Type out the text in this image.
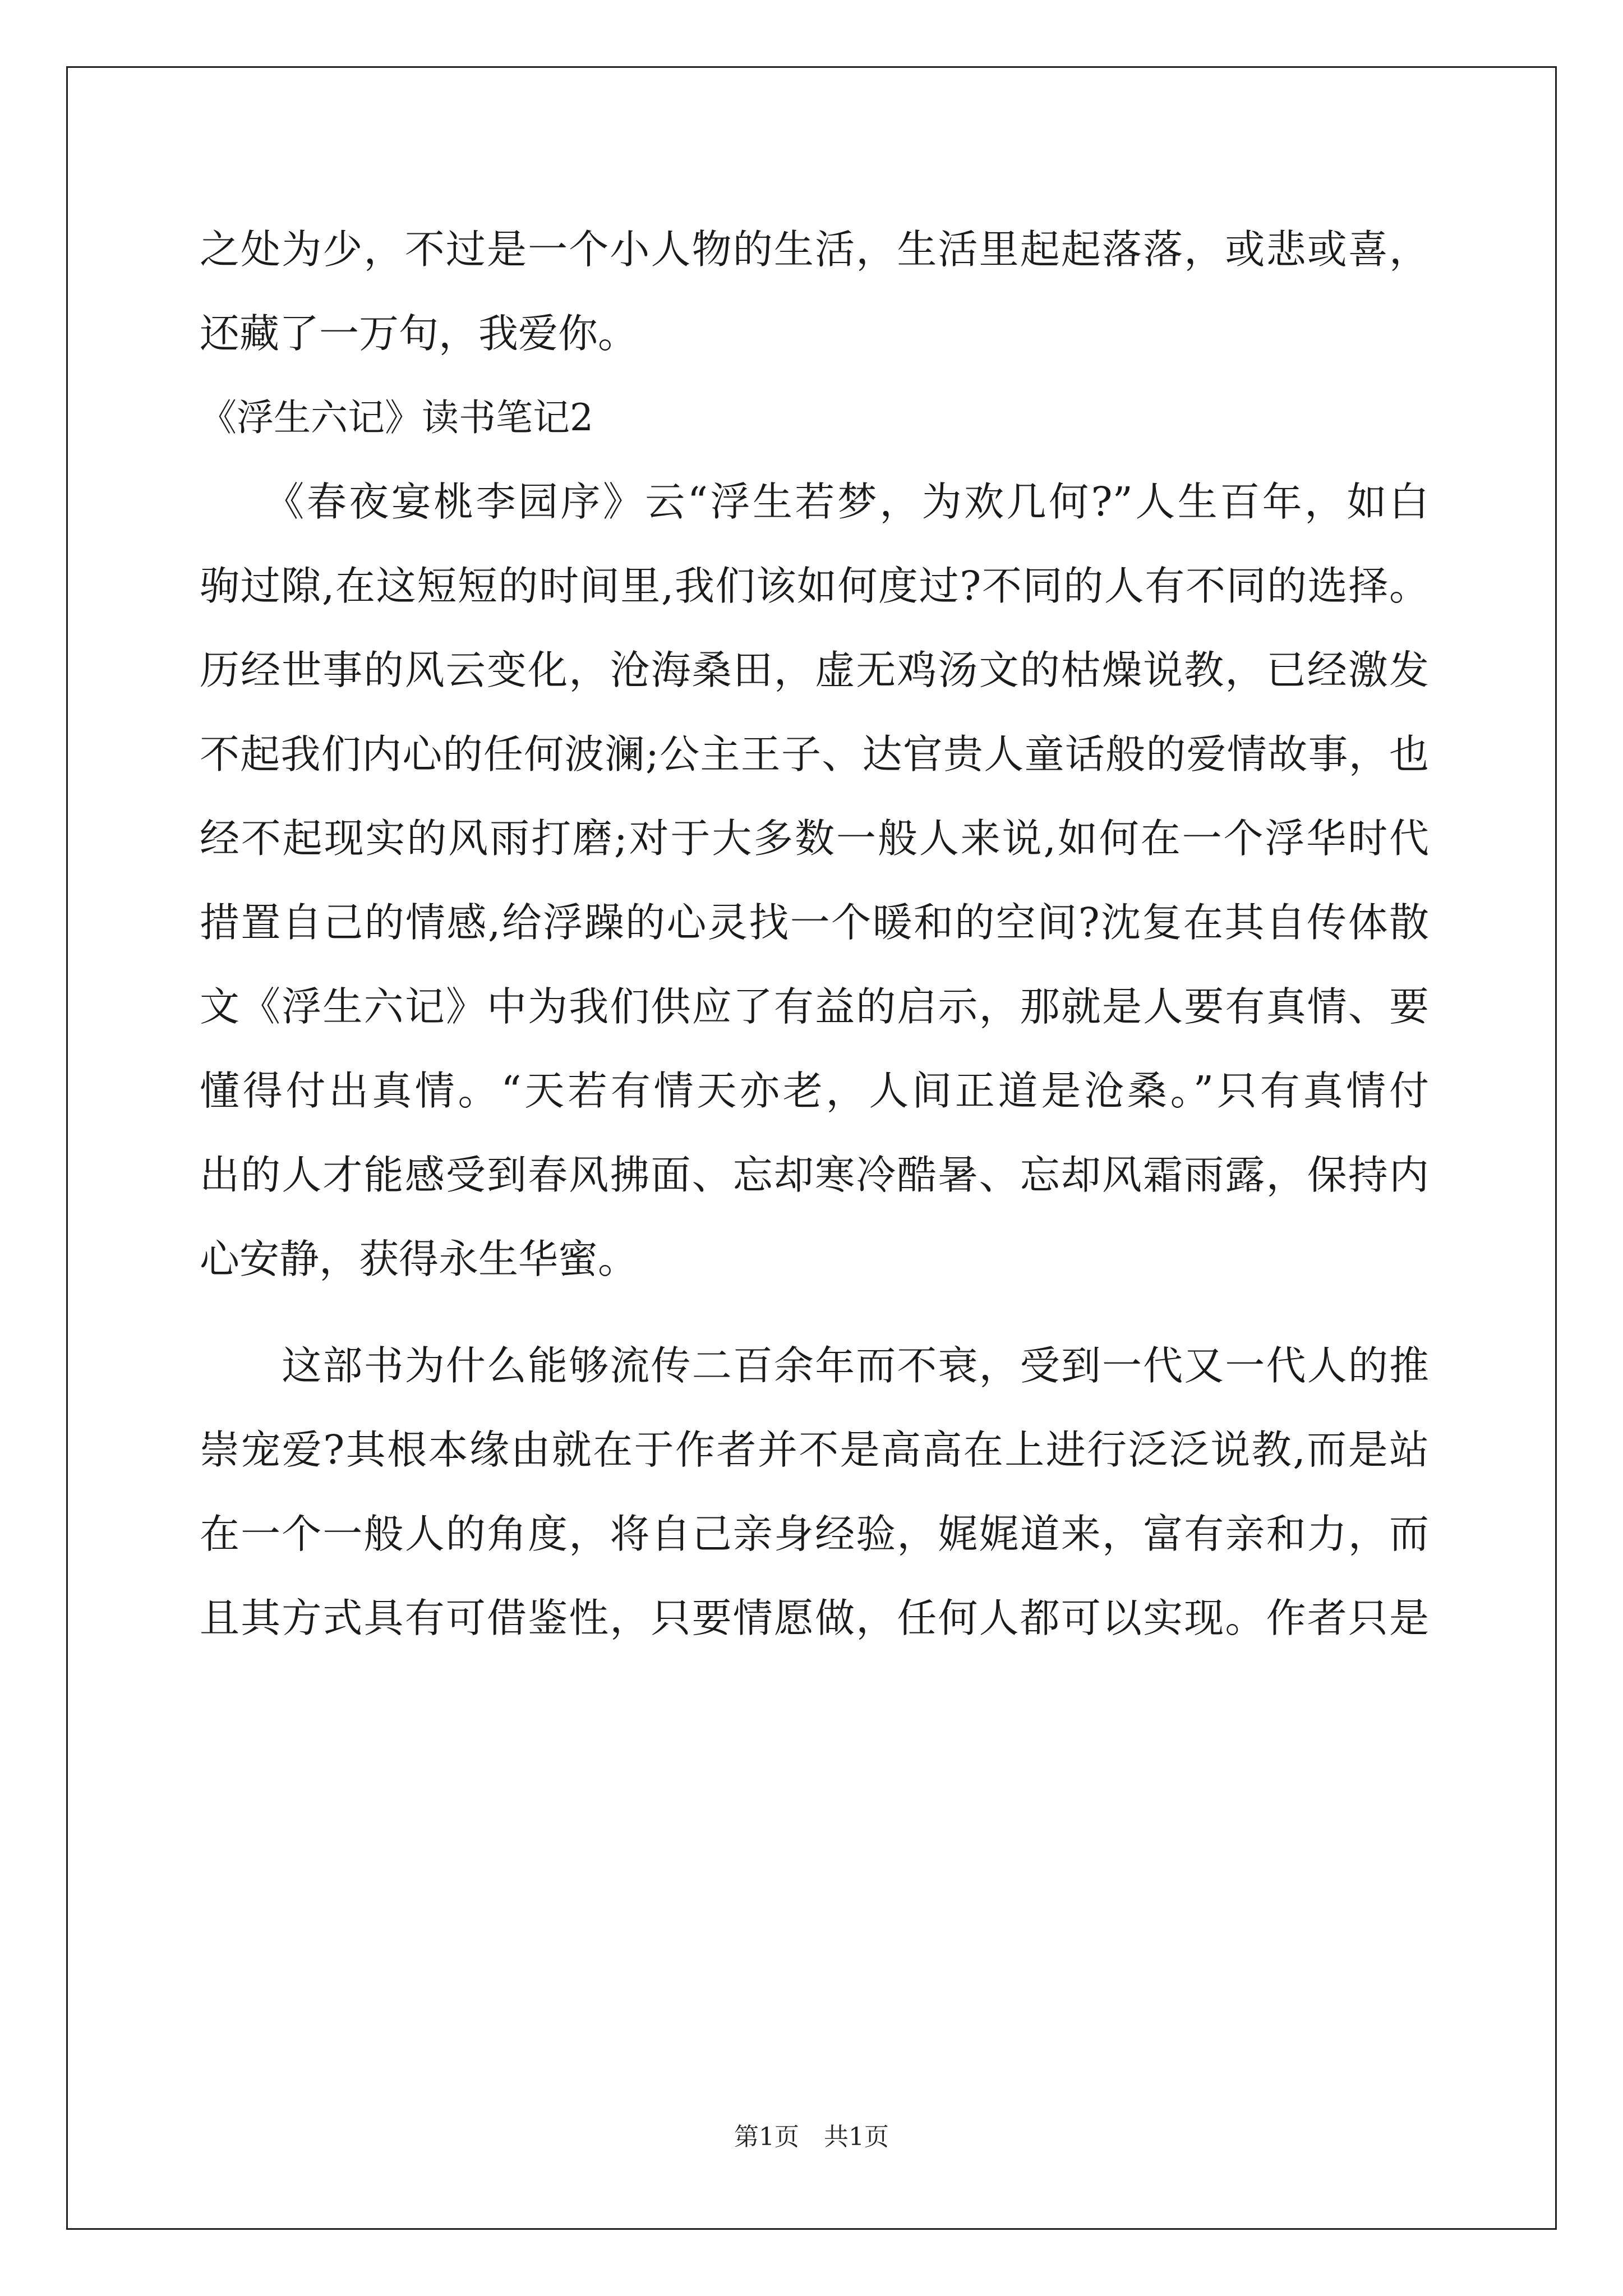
之处为少，不过是一个小人物的生活，生活里起起落落，或悲或喜，
还藏了一万句，我爱你。
《浮生六记》读书笔记2
　　《春夜宴桃李园序》云“浮生若梦，为欢几何?”人生百年，如白
驹过隙,在这短短的时间里,我们该如何度过?不同的人有不同的选择。
历经世事的风云变化，沧海桑田，虚无鸡汤文的枯燥说教，已经激发
不起我们内心的任何波澜;公主王子、达官贵人童话般的爱情故事，也
经不起现实的风雨打磨;对于大多数一般人来说,如何在一个浮华时代
措置自己的情感,给浮躁的心灵找一个暖和的空间?沈复在其自传体散
文《浮生六记》中为我们供应了有益的启示，那就是人要有真情、要
懂得付出真情。“天若有情天亦老，人间正道是沧桑。”只有真情付
出的人才能感受到春风拂面、忘却寒冷酷暑、忘却风霜雨露，保持内
心安静，获得永生华蜜。
　　这部书为什么能够流传二百余年而不衰，受到一代又一代人的推
崇宠爱?其根本缘由就在于作者并不是高高在上进行泛泛说教,而是站
在一个一般人的角度，将自己亲身经验，娓娓道来，富有亲和力，而
且其方式具有可借鉴性，只要情愿做，任何人都可以实现。作者只是
第1页 共1页
